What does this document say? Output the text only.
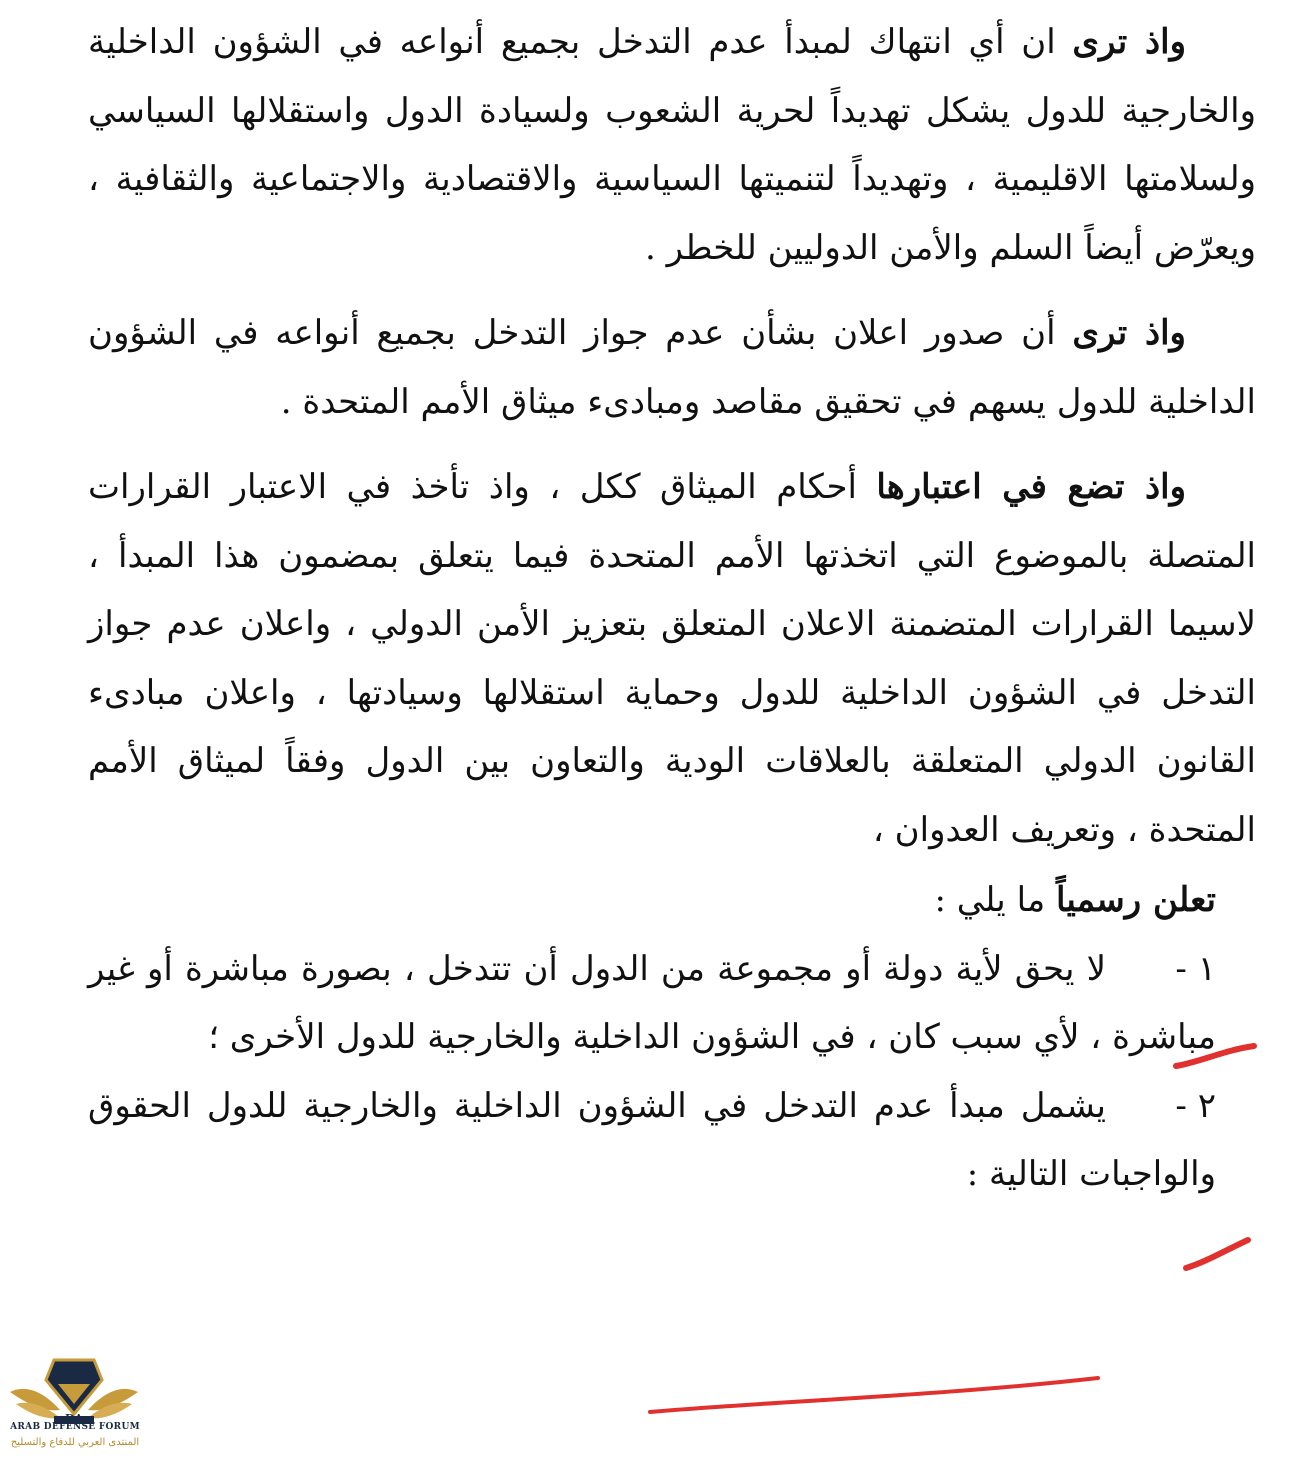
واذ ترى ان أي انتهاك لمبدأ عدم التدخل بجميع أنواعه في الشؤون الداخلية والخارجية للدول يشكل تهديداً لحرية الشعوب ولسيادة الدول واستقلالها السياسي ولسلامتها الاقليمية ، وتهديداً لتنميتها السياسية والاقتصادية والاجتماعية والثقافية ، ويعرّض أيضاً السلم والأمن الدوليين للخطر .

واذ ترى أن صدور اعلان بشأن عدم جواز التدخل بجميع أنواعه في الشؤون الداخلية للدول يسهم في تحقيق مقاصد ومبادىء ميثاق الأمم المتحدة .

واذ تضع في اعتبارها أحكام الميثاق ككل ، واذ تأخذ في الاعتبار القرارات المتصلة بالموضوع التي اتخذتها الأمم المتحدة فيما يتعلق بمضمون هذا المبدأ ، لاسيما القرارات المتضمنة الاعلان المتعلق بتعزيز الأمن الدولي ، واعلان عدم جواز التدخل في الشؤون الداخلية للدول وحماية استقلالها وسيادتها ، واعلان مبادىء القانون الدولي المتعلقة بالعلاقات الودية والتعاون بين الدول وفقاً لميثاق الأمم المتحدة ، وتعريف العدوان ،

تعلن رسمياً ما يلي :

١ -لا يحق لأية دولة أو مجموعة من الدول أن تتدخل ، بصورة مباشرة أو غير مباشرة ، لأي سبب كان ، في الشؤون الداخلية والخارجية للدول الأخرى ؛

٢ -يشمل مبدأ عدم التدخل في الشؤون الداخلية والخارجية للدول الحقوق والواجبات التالية :

ARAB DEFENSE FORUM
المنتدى العربي للدفاع والتسليح
DA
